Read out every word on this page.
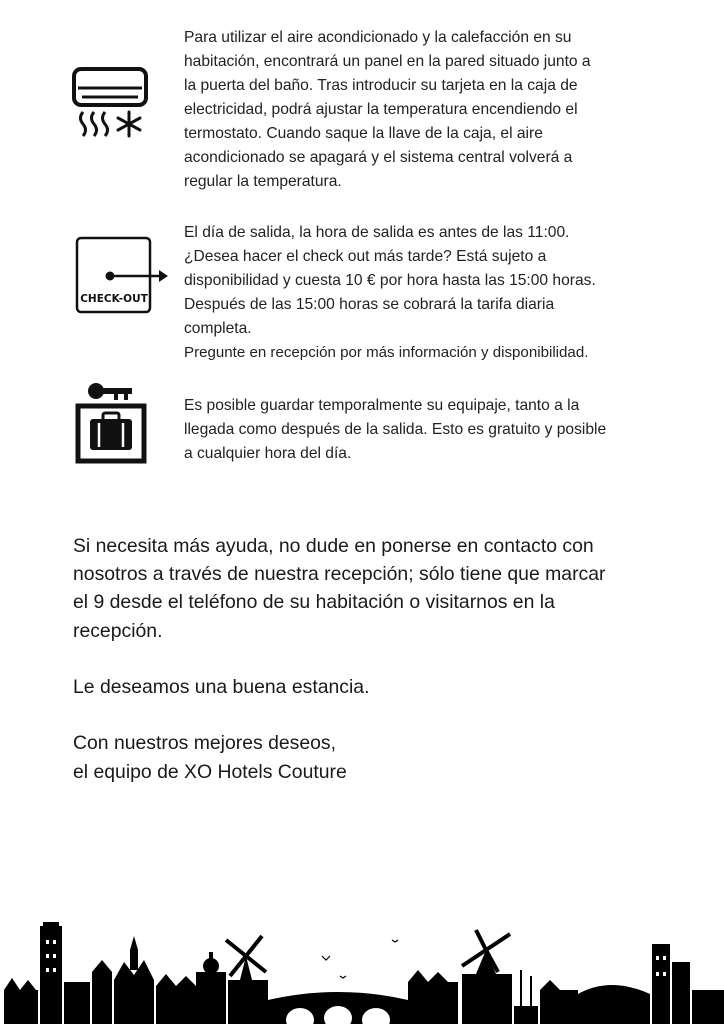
Para utilizar el aire acondicionado y la calefacción en su

habitación, encontrará un panel en la pared situado junto a

la puerta del baño. Tras introducir su tarjeta en la caja de

electricidad, podrá ajustar la temperatura encendiendo el

termostato. Cuando saque la llave de la caja, el aire

acondicionado se apagará y el sistema central volverá a

regular la temperatura.

CHECK-OUT

El día de salida, la hora de salida es antes de las 11:00.

¿Desea hacer el check out más tarde? Está sujeto a

disponibilidad y cuesta 10 € por hora hasta las 15:00 horas.

Después de las 15:00 horas se cobrará la tarifa diaria

completa.

Pregunte en recepción por más información y disponibilidad.

Es posible guardar temporalmente su equipaje, tanto a la

llegada como después de la salida. Esto es gratuito y posible

a cualquier hora del día.

Si necesita más ayuda, no dude en ponerse en contacto con
nosotros a través de nuestra recepción; sólo tiene que marcar
el 9 desde el teléfono de su habitación o visitarnos en la
recepción.

Le deseamos una buena estancia.

Con nuestros mejores deseos,
el equipo de XO Hotels Couture
